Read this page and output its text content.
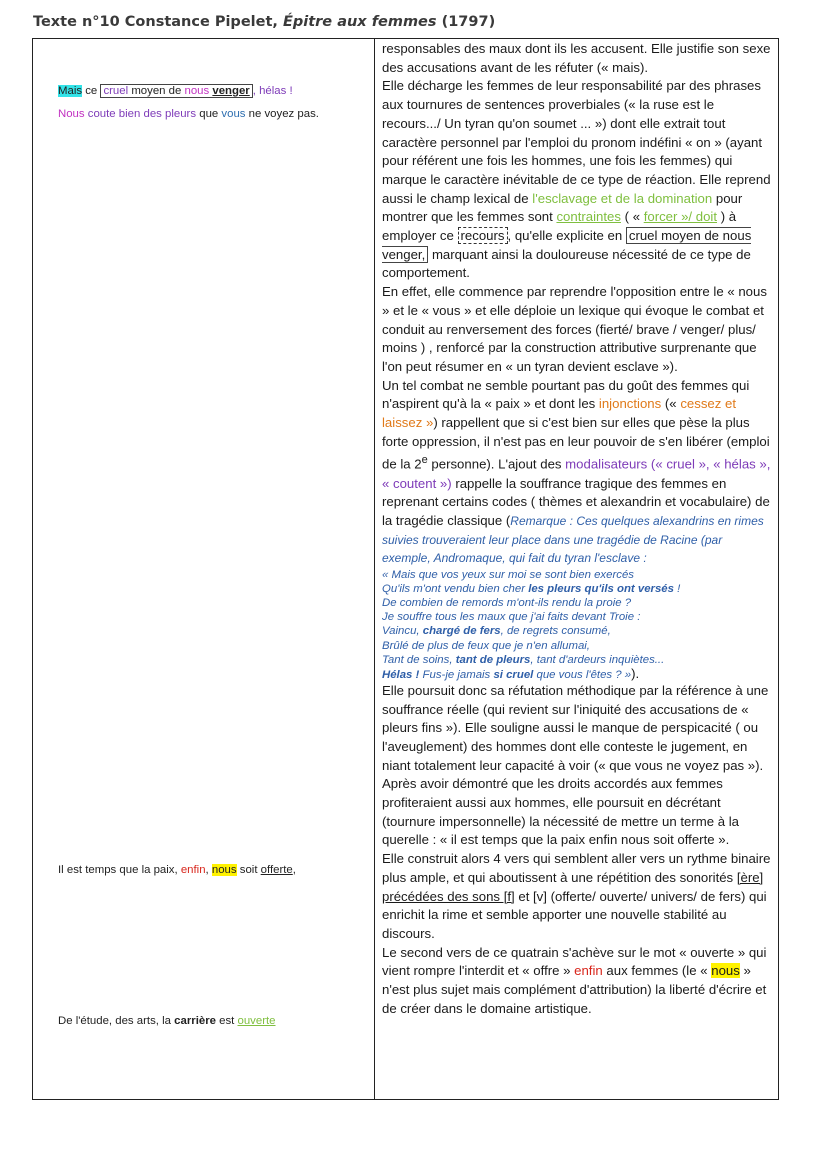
Texte n°10 Constance Pipelet, Épitre aux femmes (1797)
Mais ce cruel moyen de nous venger , hélas !
Nous coute bien des pleurs que vous ne voyez pas.
Il est temps que la paix, enfin, nous soit offerte,
De l'étude, des arts, la carrière est ouverte

responsables des maux dont ils les accusent. Elle justifie son sexe des accusations avant de les réfuter (« mais).

Elle décharge les femmes de leur responsabilité par des phrases aux tournures de sentences proverbiales (« la ruse est le recours.../ Un tyran qu'on soumet ... ») dont elle extrait tout caractère personnel par l'emploi du pronom indéfini « on » (ayant pour référent une fois les hommes, une fois les femmes) qui marque le caractère inévitable de ce type de réaction. Elle reprend aussi le champ lexical de l'esclavage et de la domination pour montrer que les femmes sont contraintes ( « forcer »/ doit ) à employer ce recours , qu'elle explicite en cruel moyen de nous venger, marquant ainsi la douloureuse nécessité de ce type de comportement.

En effet, elle commence par reprendre l'opposition entre le « nous » et le « vous » et elle déploie un lexique qui évoque le combat et conduit au renversement des forces (fierté/ brave / venger/ plus/ moins ) , renforcé par la construction attributive surprenante que l'on peut résumer en « un tyran devient esclave »).

Un tel combat ne semble pourtant pas du goût des femmes qui n'aspirent qu'à la « paix » et dont les injonctions (« cessez et laissez ») rappellent que si c'est bien sur elles que pèse la plus forte oppression, il n'est pas en leur pouvoir de s'en libérer (emploi de la 2e personne). L'ajout des modalisateurs (« cruel », « hélas », « coutent ») rappelle la souffrance tragique des femmes en reprenant certains codes ( thèmes et alexandrin et vocabulaire) de la tragédie classique (Remarque : Ces quelques alexandrins en rimes suivies trouveraient leur place dans une tragédie de Racine (par exemple, Andromaque, qui fait du tyran l'esclave :

« Mais que vos yeux sur moi se sont bien exercés
Qu'ils m'ont vendu bien cher les pleurs qu'ils ont versés !
De combien de remords m'ont-ils rendu la proie ?
Je souffre tous les maux que j'ai faits devant Troie :
Vaincu, chargé de fers, de regrets consumé,
Brûlé de plus de feux que je n'en allumai,
Tant de soins, tant de pleurs, tant d'ardeurs inquiètes...
Hélas ! Fus-je jamais si cruel que vous l'êtes ? »).

Elle poursuit donc sa réfutation méthodique par la référence à une souffrance réelle (qui revient sur l'iniquité des accusations de « pleurs fins »). Elle souligne aussi le manque de perspicacité ( ou l'aveuglement) des hommes dont elle conteste le jugement, en niant totalement leur capacité à voir (« que vous ne voyez pas »).

Après avoir démontré que les droits accordés aux femmes profiteraient aussi aux hommes, elle poursuit en décrétant (tournure impersonnelle) la nécessité de mettre un terme à la querelle : « il est temps que la paix enfin nous soit offerte ».

Elle construit alors 4 vers qui semblent aller vers un rythme binaire plus ample, et qui aboutissent à une répétition des sonorités [ère] précédées des sons [f] et [v] (offerte/ ouverte/ univers/ de fers) qui enrichit la rime et semble apporter une nouvelle stabilité au discours.

Le second vers de ce quatrain s'achève sur le mot « ouverte » qui vient rompre l'interdit et « offre » enfin aux femmes (le « nous » n'est plus sujet mais complément d'attribution) la liberté d'écrire et de créer dans le domaine artistique.
